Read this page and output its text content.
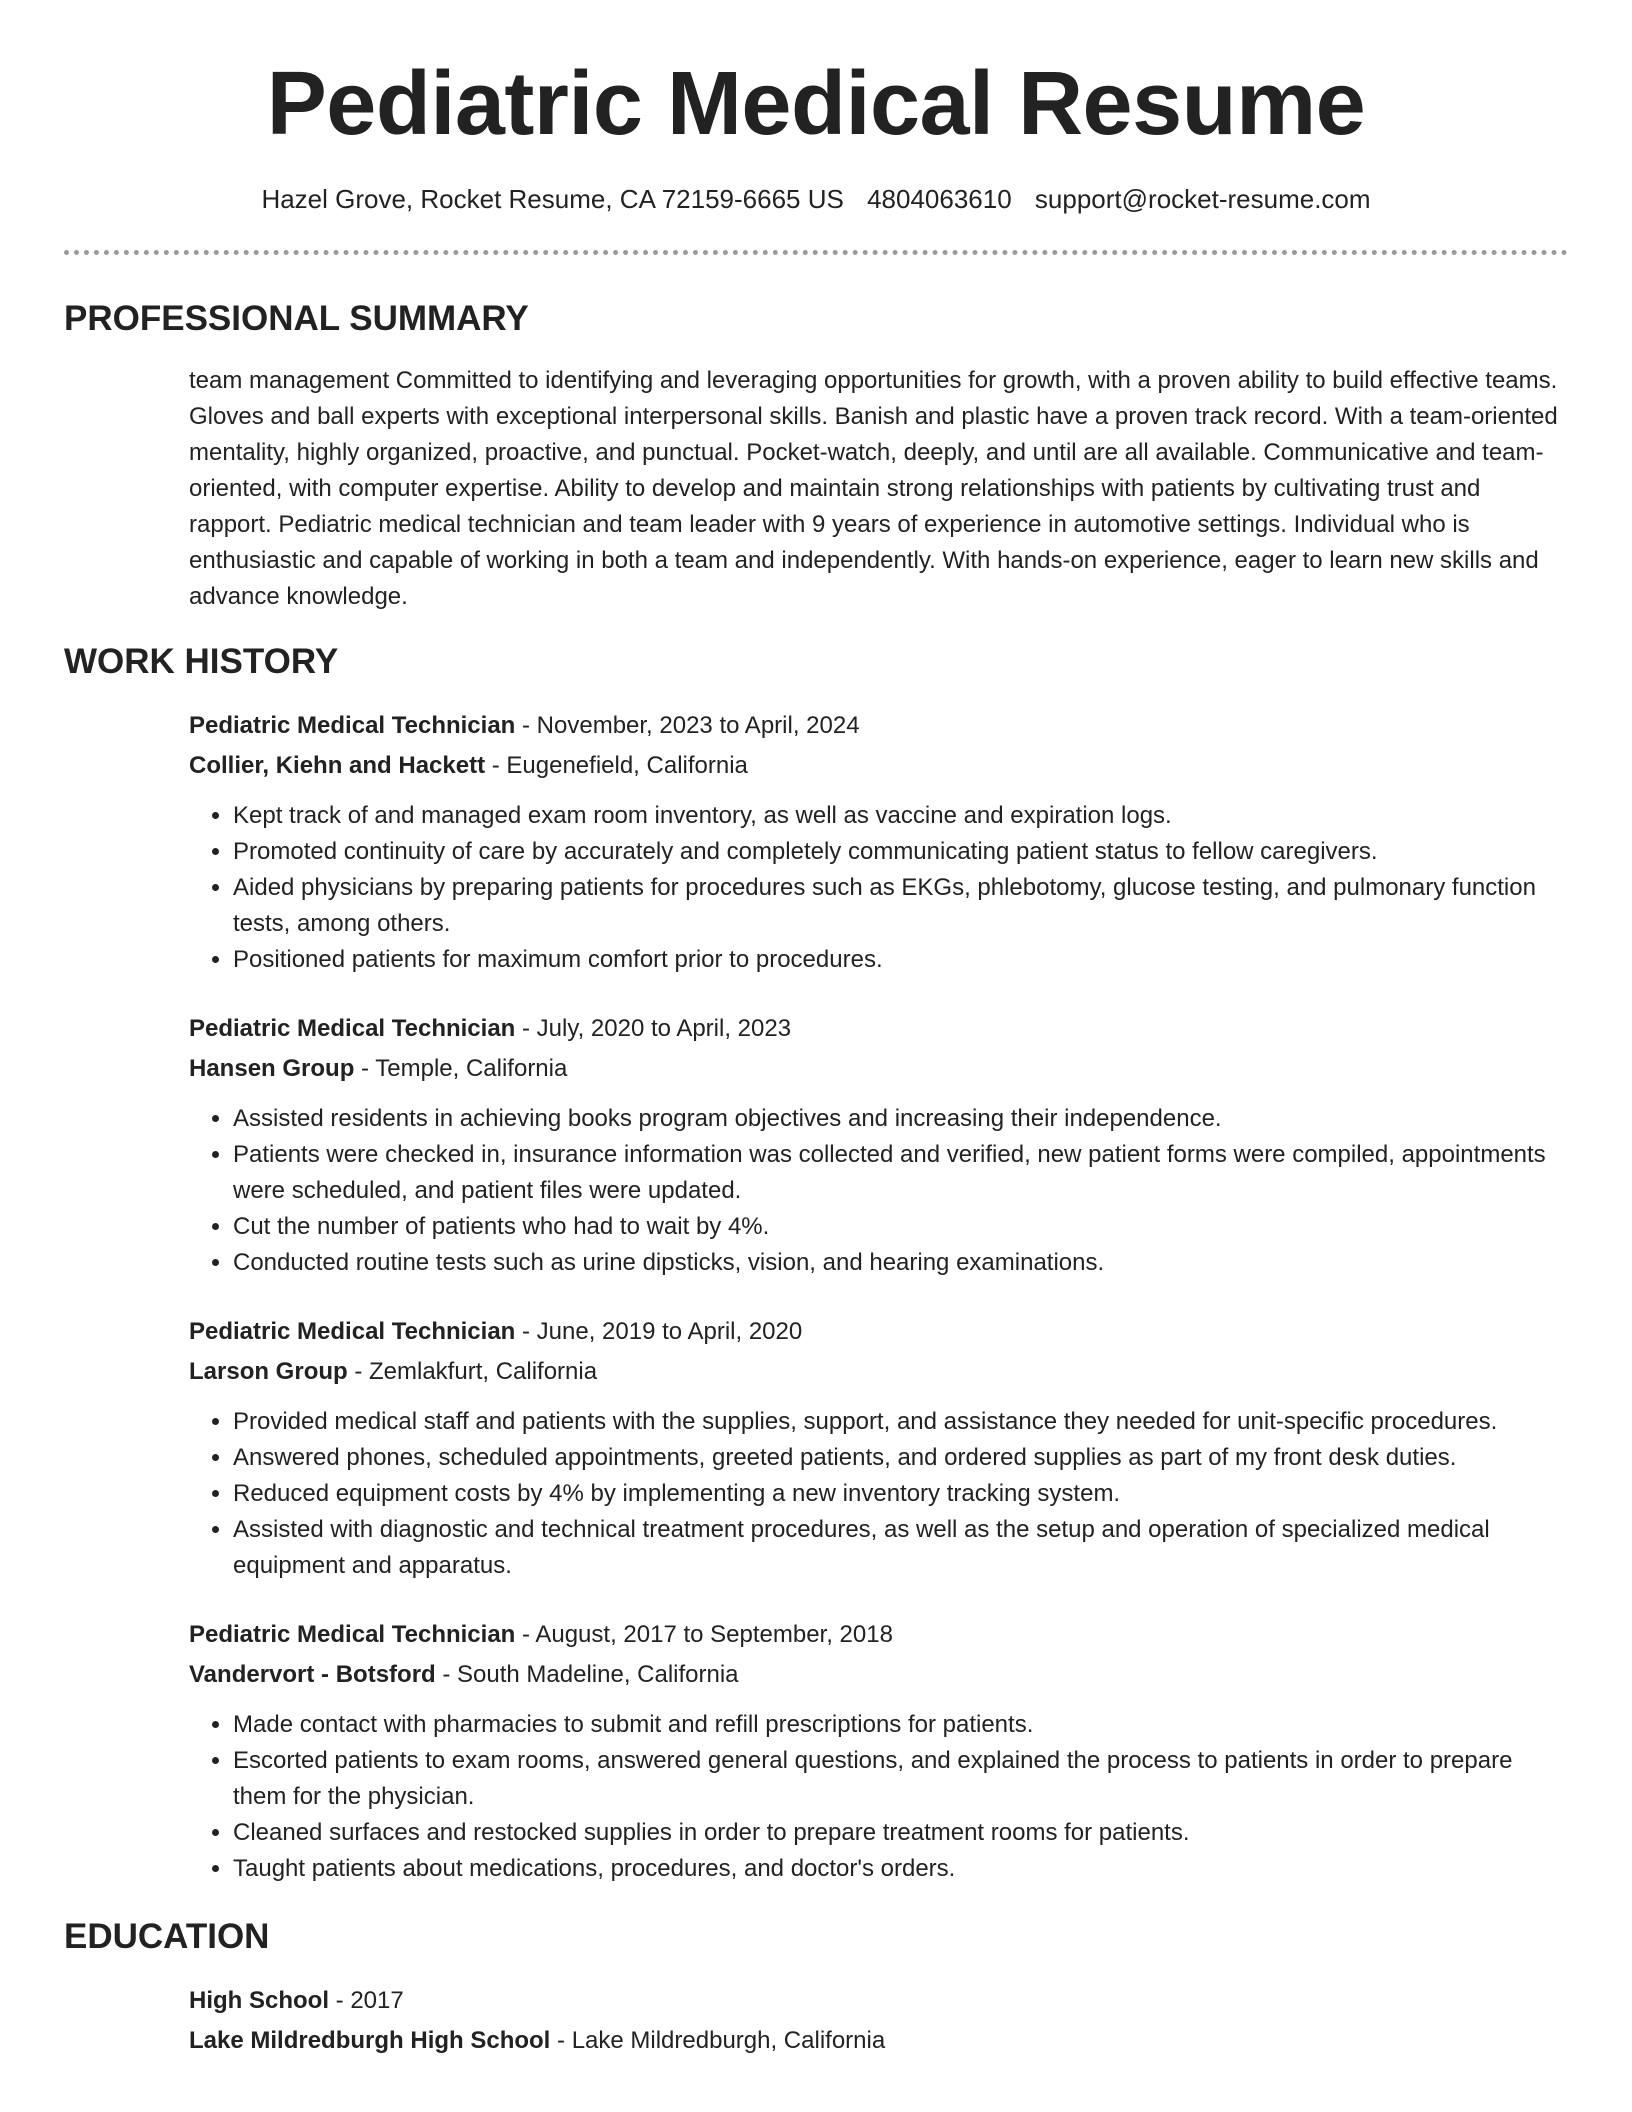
Pediatric Medical Resume
Hazel Grove, Rocket Resume, CA 72159-6665 US 4804063610 support@rocket-resume.com
PROFESSIONAL SUMMARY

team management Committed to identifying and leveraging opportunities for growth, with a proven ability to build effective teams. Gloves and ball experts with exceptional interpersonal skills. Banish and plastic have a proven track record. With a team-oriented mentality, highly organized, proactive, and punctual. Pocket-watch, deeply, and until are all available. Communicative and team-oriented, with computer expertise. Ability to develop and maintain strong relationships with patients by cultivating trust and rapport. Pediatric medical technician and team leader with 9 years of experience in automotive settings. Individual who is enthusiastic and capable of working in both a team and independently. With hands-on experience, eager to learn new skills and advance knowledge.

WORK HISTORY
Pediatric Medical Technician - November, 2023 to April, 2024
Collier, Kiehn and Hackett - Eugenefield, California
• Kept track of and managed exam room inventory, as well as vaccine and expiration logs.
• Promoted continuity of care by accurately and completely communicating patient status to fellow caregivers.
• Aided physicians by preparing patients for procedures such as EKGs, phlebotomy, glucose testing, and pulmonary function tests, among others.
• Positioned patients for maximum comfort prior to procedures.
Pediatric Medical Technician - July, 2020 to April, 2023
Hansen Group - Temple, California
• Assisted residents in achieving books program objectives and increasing their independence.
• Patients were checked in, insurance information was collected and verified, new patient forms were compiled, appointments were scheduled, and patient files were updated.
• Cut the number of patients who had to wait by 4%.
• Conducted routine tests such as urine dipsticks, vision, and hearing examinations.
Pediatric Medical Technician - June, 2019 to April, 2020
Larson Group - Zemlakfurt, California
• Provided medical staff and patients with the supplies, support, and assistance they needed for unit-specific procedures.
• Answered phones, scheduled appointments, greeted patients, and ordered supplies as part of my front desk duties.
• Reduced equipment costs by 4% by implementing a new inventory tracking system.
• Assisted with diagnostic and technical treatment procedures, as well as the setup and operation of specialized medical equipment and apparatus.
Pediatric Medical Technician - August, 2017 to September, 2018
Vandervort - Botsford - South Madeline, California
• Made contact with pharmacies to submit and refill prescriptions for patients.
• Escorted patients to exam rooms, answered general questions, and explained the process to patients in order to prepare them for the physician.
• Cleaned surfaces and restocked supplies in order to prepare treatment rooms for patients.
• Taught patients about medications, procedures, and doctor's orders.
EDUCATION
High School - 2017
Lake Mildredburgh High School - Lake Mildredburgh, California
